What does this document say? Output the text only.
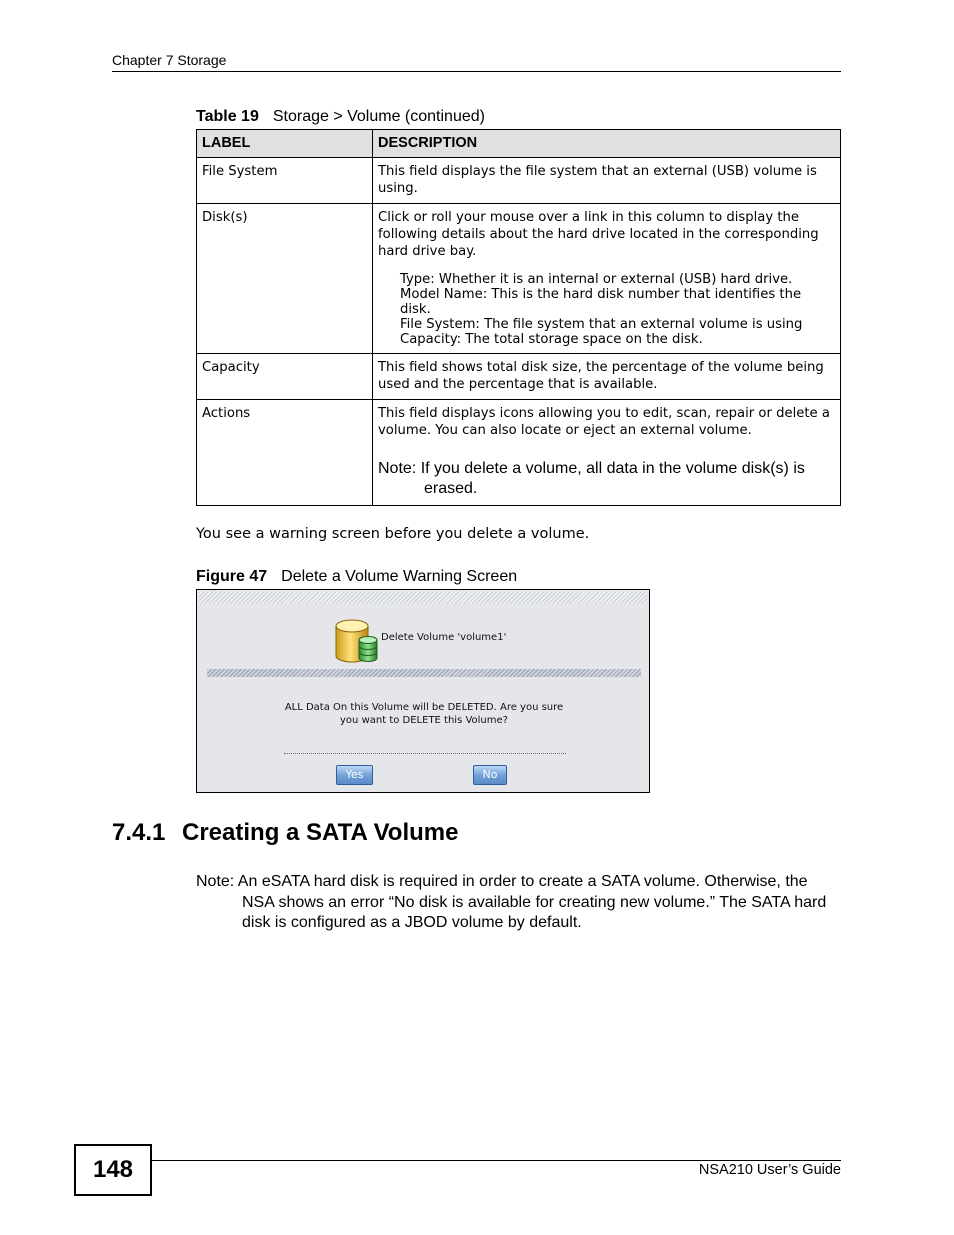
Chapter 7 Storage
Table 19 Storage > Volume (continued)
LABEL	DESCRIPTION
File System	This field displays the file system that an external (USB) volume is using.
Disk(s)	Click or roll your mouse over a link in this column to display the following details about the hard drive located in the corresponding hard drive bay.
Type: Whether it is an internal or external (USB) hard drive.
Model Name: This is the hard disk number that identifies the disk.
File System: The file system that an external volume is using
Capacity: The total storage space on the disk.

Capacity	This field shows total disk size, the percentage of the volume being used and the percentage that is available.
Actions	This field displays icons allowing you to edit, scan, repair or delete a volume. You can also locate or eject an external volume.
Note: If you delete a volume, all data in the volume disk(s) is erased.
You see a warning screen before you delete a volume.
Figure 47 Delete a Volume Warning Screen
Delete Volume 'volume1'
ALL Data On this Volume will be DELETED. Are you sure
you want to DELETE this Volume?
Yes	No
7.4.1 Creating a SATA Volume
Note: An eSATA hard disk is required in order to create a SATA volume. Otherwise, the NSA shows an error “No disk is available for creating new volume.” The SATA hard disk is configured as a JBOD volume by default.
148	NSA210 User’s Guide
